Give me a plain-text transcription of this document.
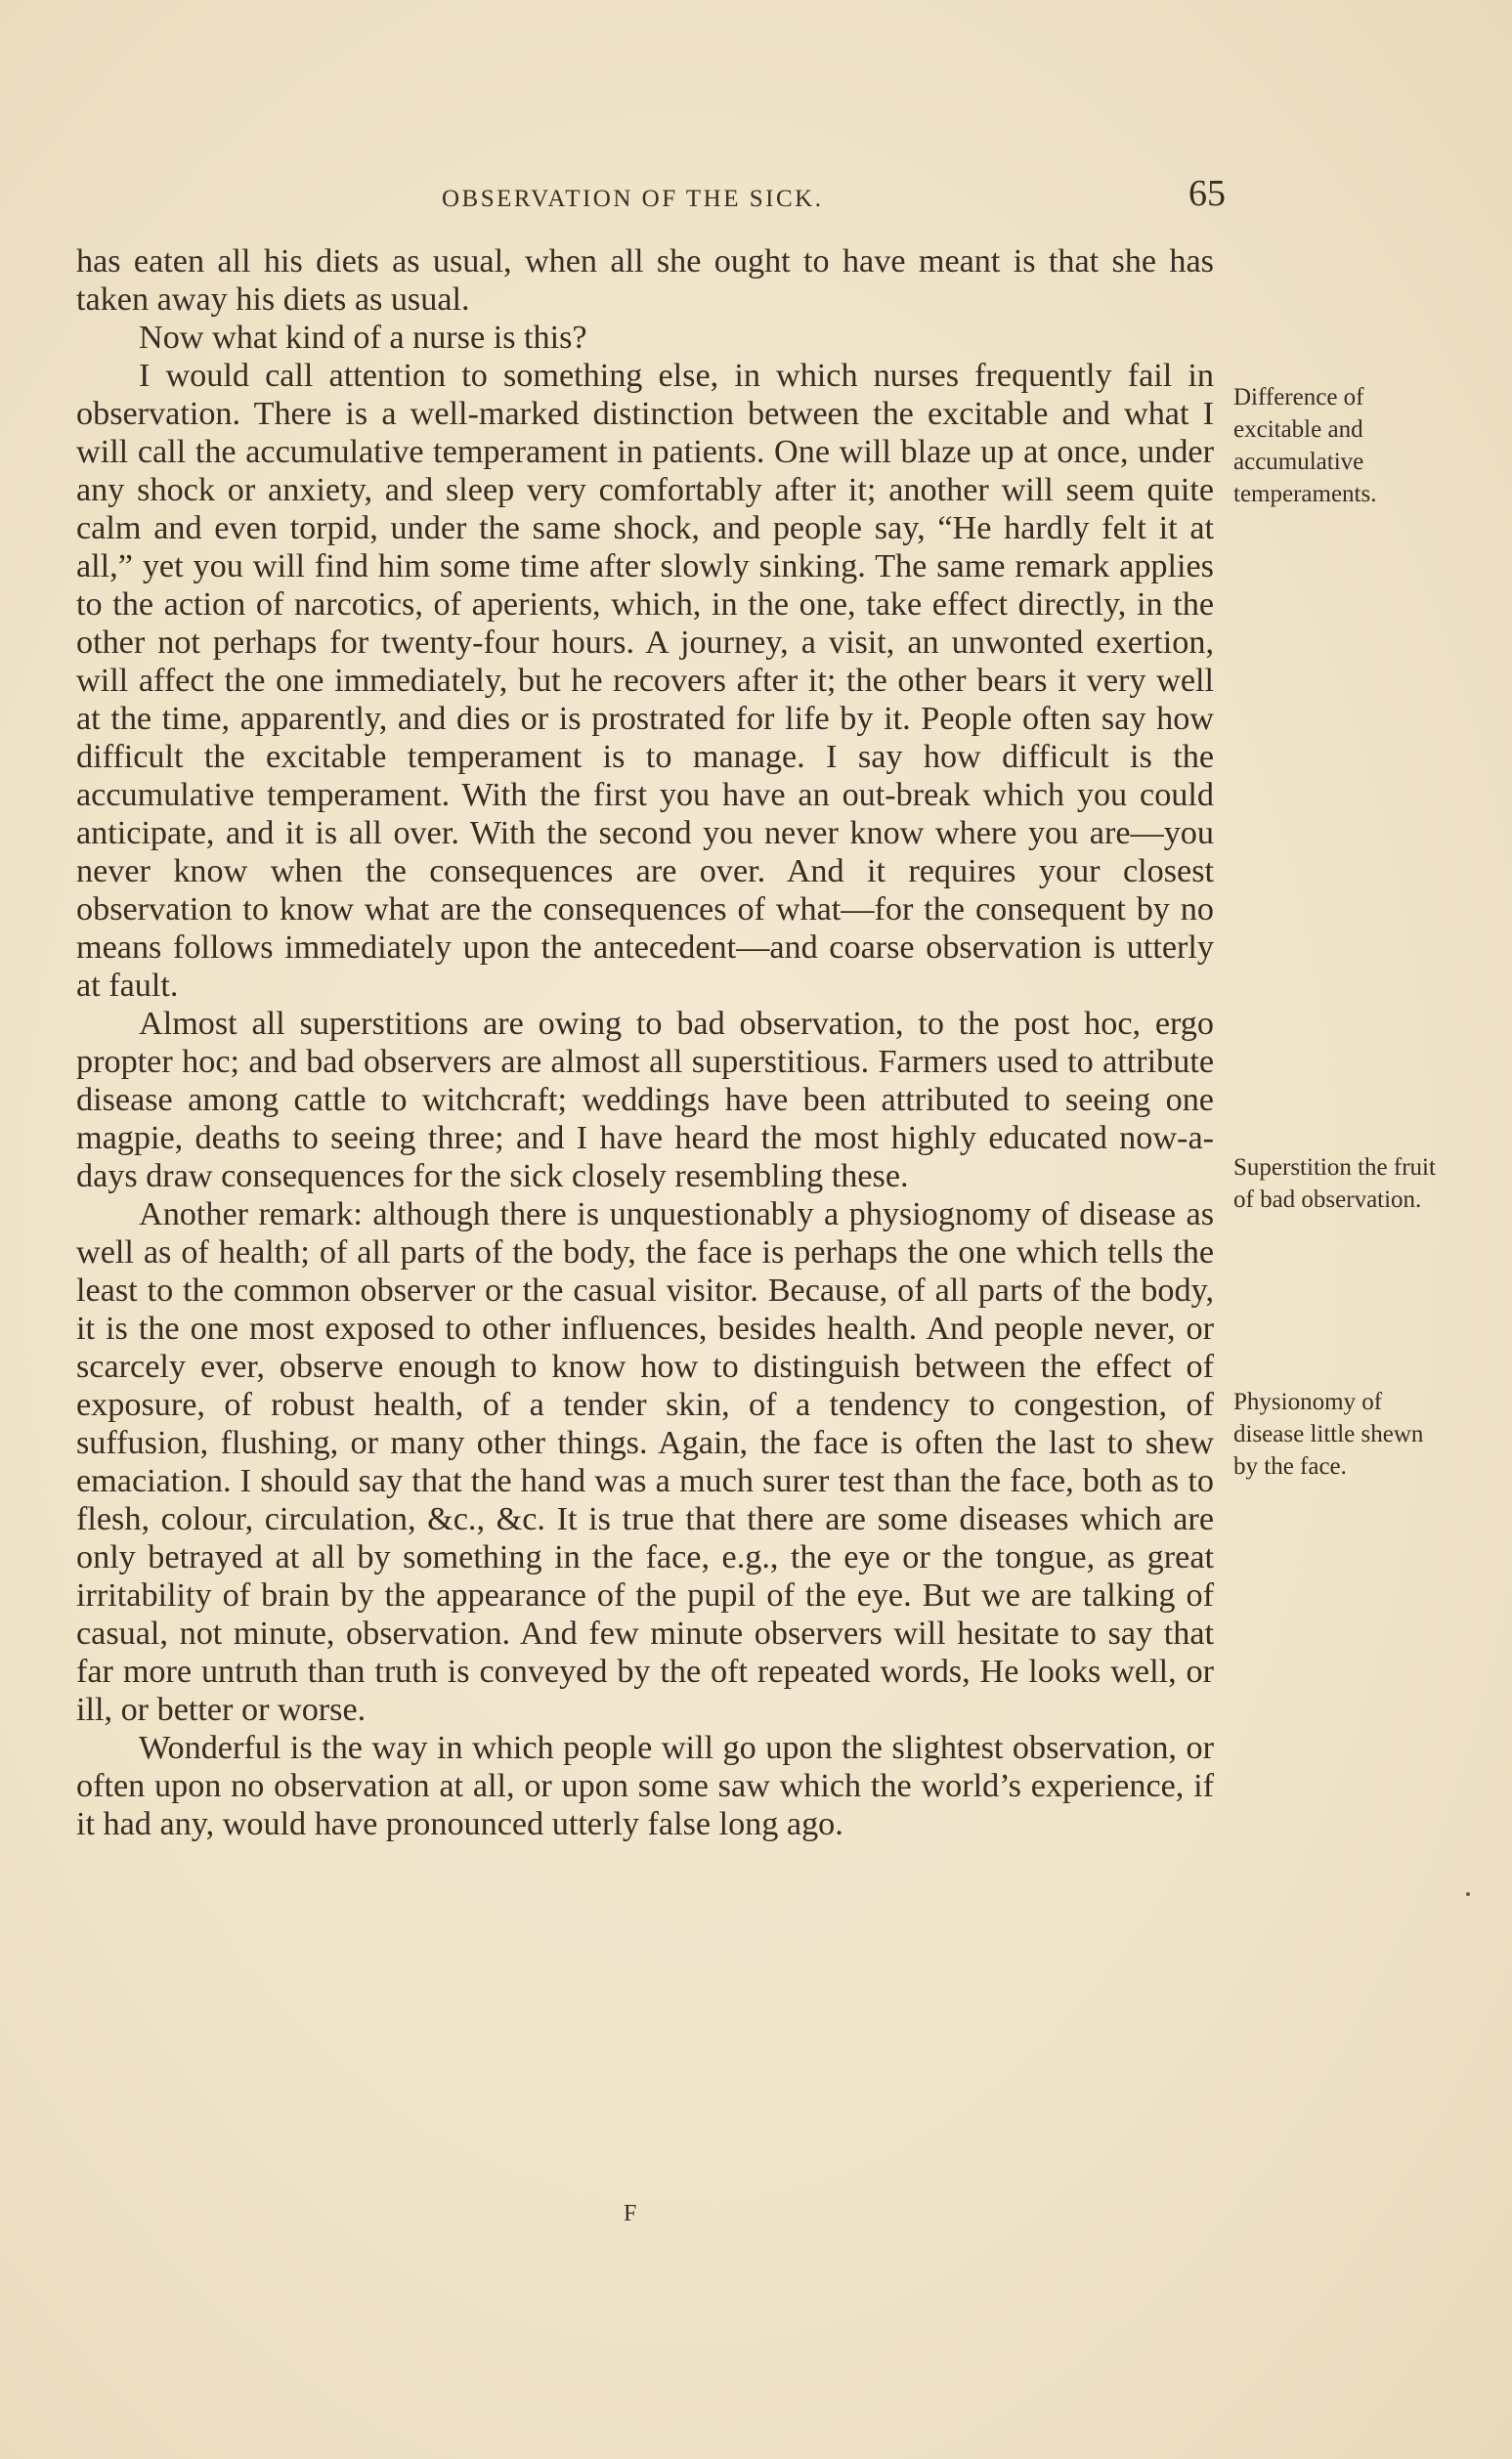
OBSERVATION OF THE SICK.	65

has eaten all his diets as usual, when all she ought to have meant is that she has taken away his diets as usual.

Now what kind of a nurse is this?

I would call attention to something else, in which nurses frequently fail in observation. There is a well-marked distinction between the excitable and what I will call the accumulative temperament in patients. One will blaze up at once, under any shock or anxiety, and sleep very comfortably after it; another will seem quite calm and even torpid, under the same shock, and people say, “He hardly felt it at all,” yet you will find him some time after slowly sinking. The same remark applies to the action of narcotics, of aperients, which, in the one, take effect directly, in the other not perhaps for twenty-four hours. A journey, a visit, an unwonted exertion, will affect the one immediately, but he recovers after it; the other bears it very well at the time, apparently, and dies or is prostrated for life by it. People often say how difficult the excitable temperament is to manage. I say how difficult is the accumulative temperament. With the first you have an out-break which you could anticipate, and it is all over. With the second you never know where you are—you never know when the consequences are over. And it requires your closest observation to know what are the consequences of what—for the consequent by no means follows immediately upon the antecedent—and coarse observation is utterly at fault.

Almost all superstitions are owing to bad observation, to the post hoc, ergo propter hoc; and bad observers are almost all superstitious. Farmers used to attribute disease among cattle to witchcraft; weddings have been attributed to seeing one magpie, deaths to seeing three; and I have heard the most highly educated now-a-days draw consequences for the sick closely resembling these.

Another remark: although there is unquestionably a physiognomy of disease as well as of health; of all parts of the body, the face is perhaps the one which tells the least to the common observer or the casual visitor. Because, of all parts of the body, it is the one most exposed to other influences, besides health. And people never, or scarcely ever, observe enough to know how to distinguish between the effect of exposure, of robust health, of a tender skin, of a tendency to congestion, of suffusion, flushing, or many other things. Again, the face is often the last to shew emaciation. I should say that the hand was a much surer test than the face, both as to flesh, colour, circulation, &c., &c. It is true that there are some diseases which are only betrayed at all by something in the face, e.g., the eye or the tongue, as great irritability of brain by the appearance of the pupil of the eye. But we are talking of casual, not minute, observation. And few minute observers will hesitate to say that far more untruth than truth is conveyed by the oft repeated words, He looks well, or ill, or better or worse.

Wonderful is the way in which people will go upon the slightest observation, or often upon no observation at all, or upon some saw which the world’s experience, if it had any, would have pronounced utterly false long ago.

Difference of excitable and accumulative temperaments.
Superstition the fruit of bad observation.
Physionomy of disease little shewn by the face.
F
